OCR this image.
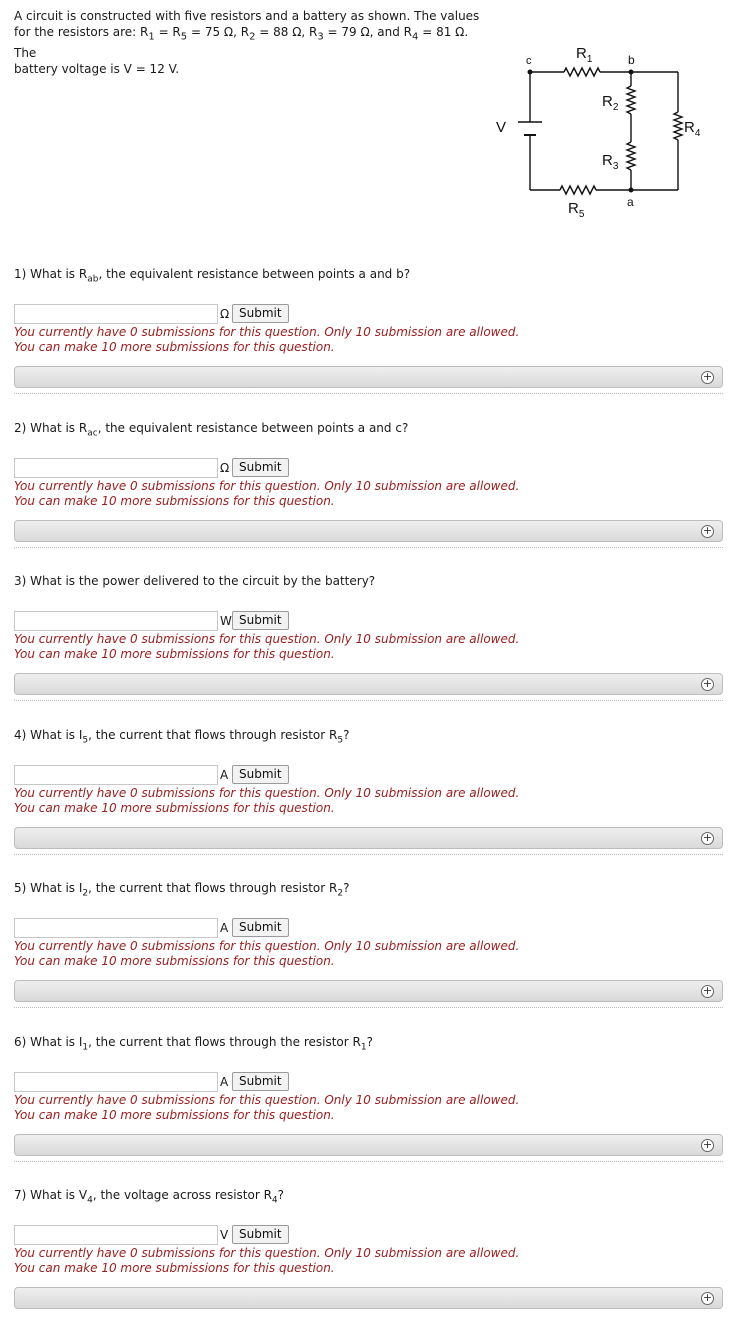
A circuit is constructed with five resistors and a battery as shown. The values
for the resistors are: $R_1 = R_5 = 75$ Ω, $R_2 = 88$ Ω, $R_3 = 79$ Ω, and $R_4 = 81$ Ω. The
battery voltage is V = 12 V.
$R_1$
$R_2$
$R_3$
$R_4$
$R_5$
V
c	b
a
1) What is $R_{ab}$, the equivalent resistance between points a and b?
Ω Submit
You currently have 0 submissions for this question. Only 10 submission are allowed.
You can make 10 more submissions for this question.
+
2) What is $R_{ac}$, the equivalent resistance between points a and c?
Ω Submit
You currently have 0 submissions for this question. Only 10 submission are allowed.
You can make 10 more submissions for this question.
+
3) What is the power delivered to the circuit by the battery?
W Submit
You currently have 0 submissions for this question. Only 10 submission are allowed.
You can make 10 more submissions for this question.
+
4) What is $I_5$, the current that flows through resistor $R_5$?
A Submit
You currently have 0 submissions for this question. Only 10 submission are allowed.
You can make 10 more submissions for this question.
+
5) What is $I_2$, the current that flows through resistor $R_2$?
A Submit
You currently have 0 submissions for this question. Only 10 submission are allowed.
You can make 10 more submissions for this question.
+
6) What is $I_1$, the current that flows through the resistor $R_1$?
A Submit
You currently have 0 submissions for this question. Only 10 submission are allowed.
You can make 10 more submissions for this question.
+
7) What is $V_4$, the voltage across resistor $R_4$?
V Submit
You currently have 0 submissions for this question. Only 10 submission are allowed.
You can make 10 more submissions for this question.
+
